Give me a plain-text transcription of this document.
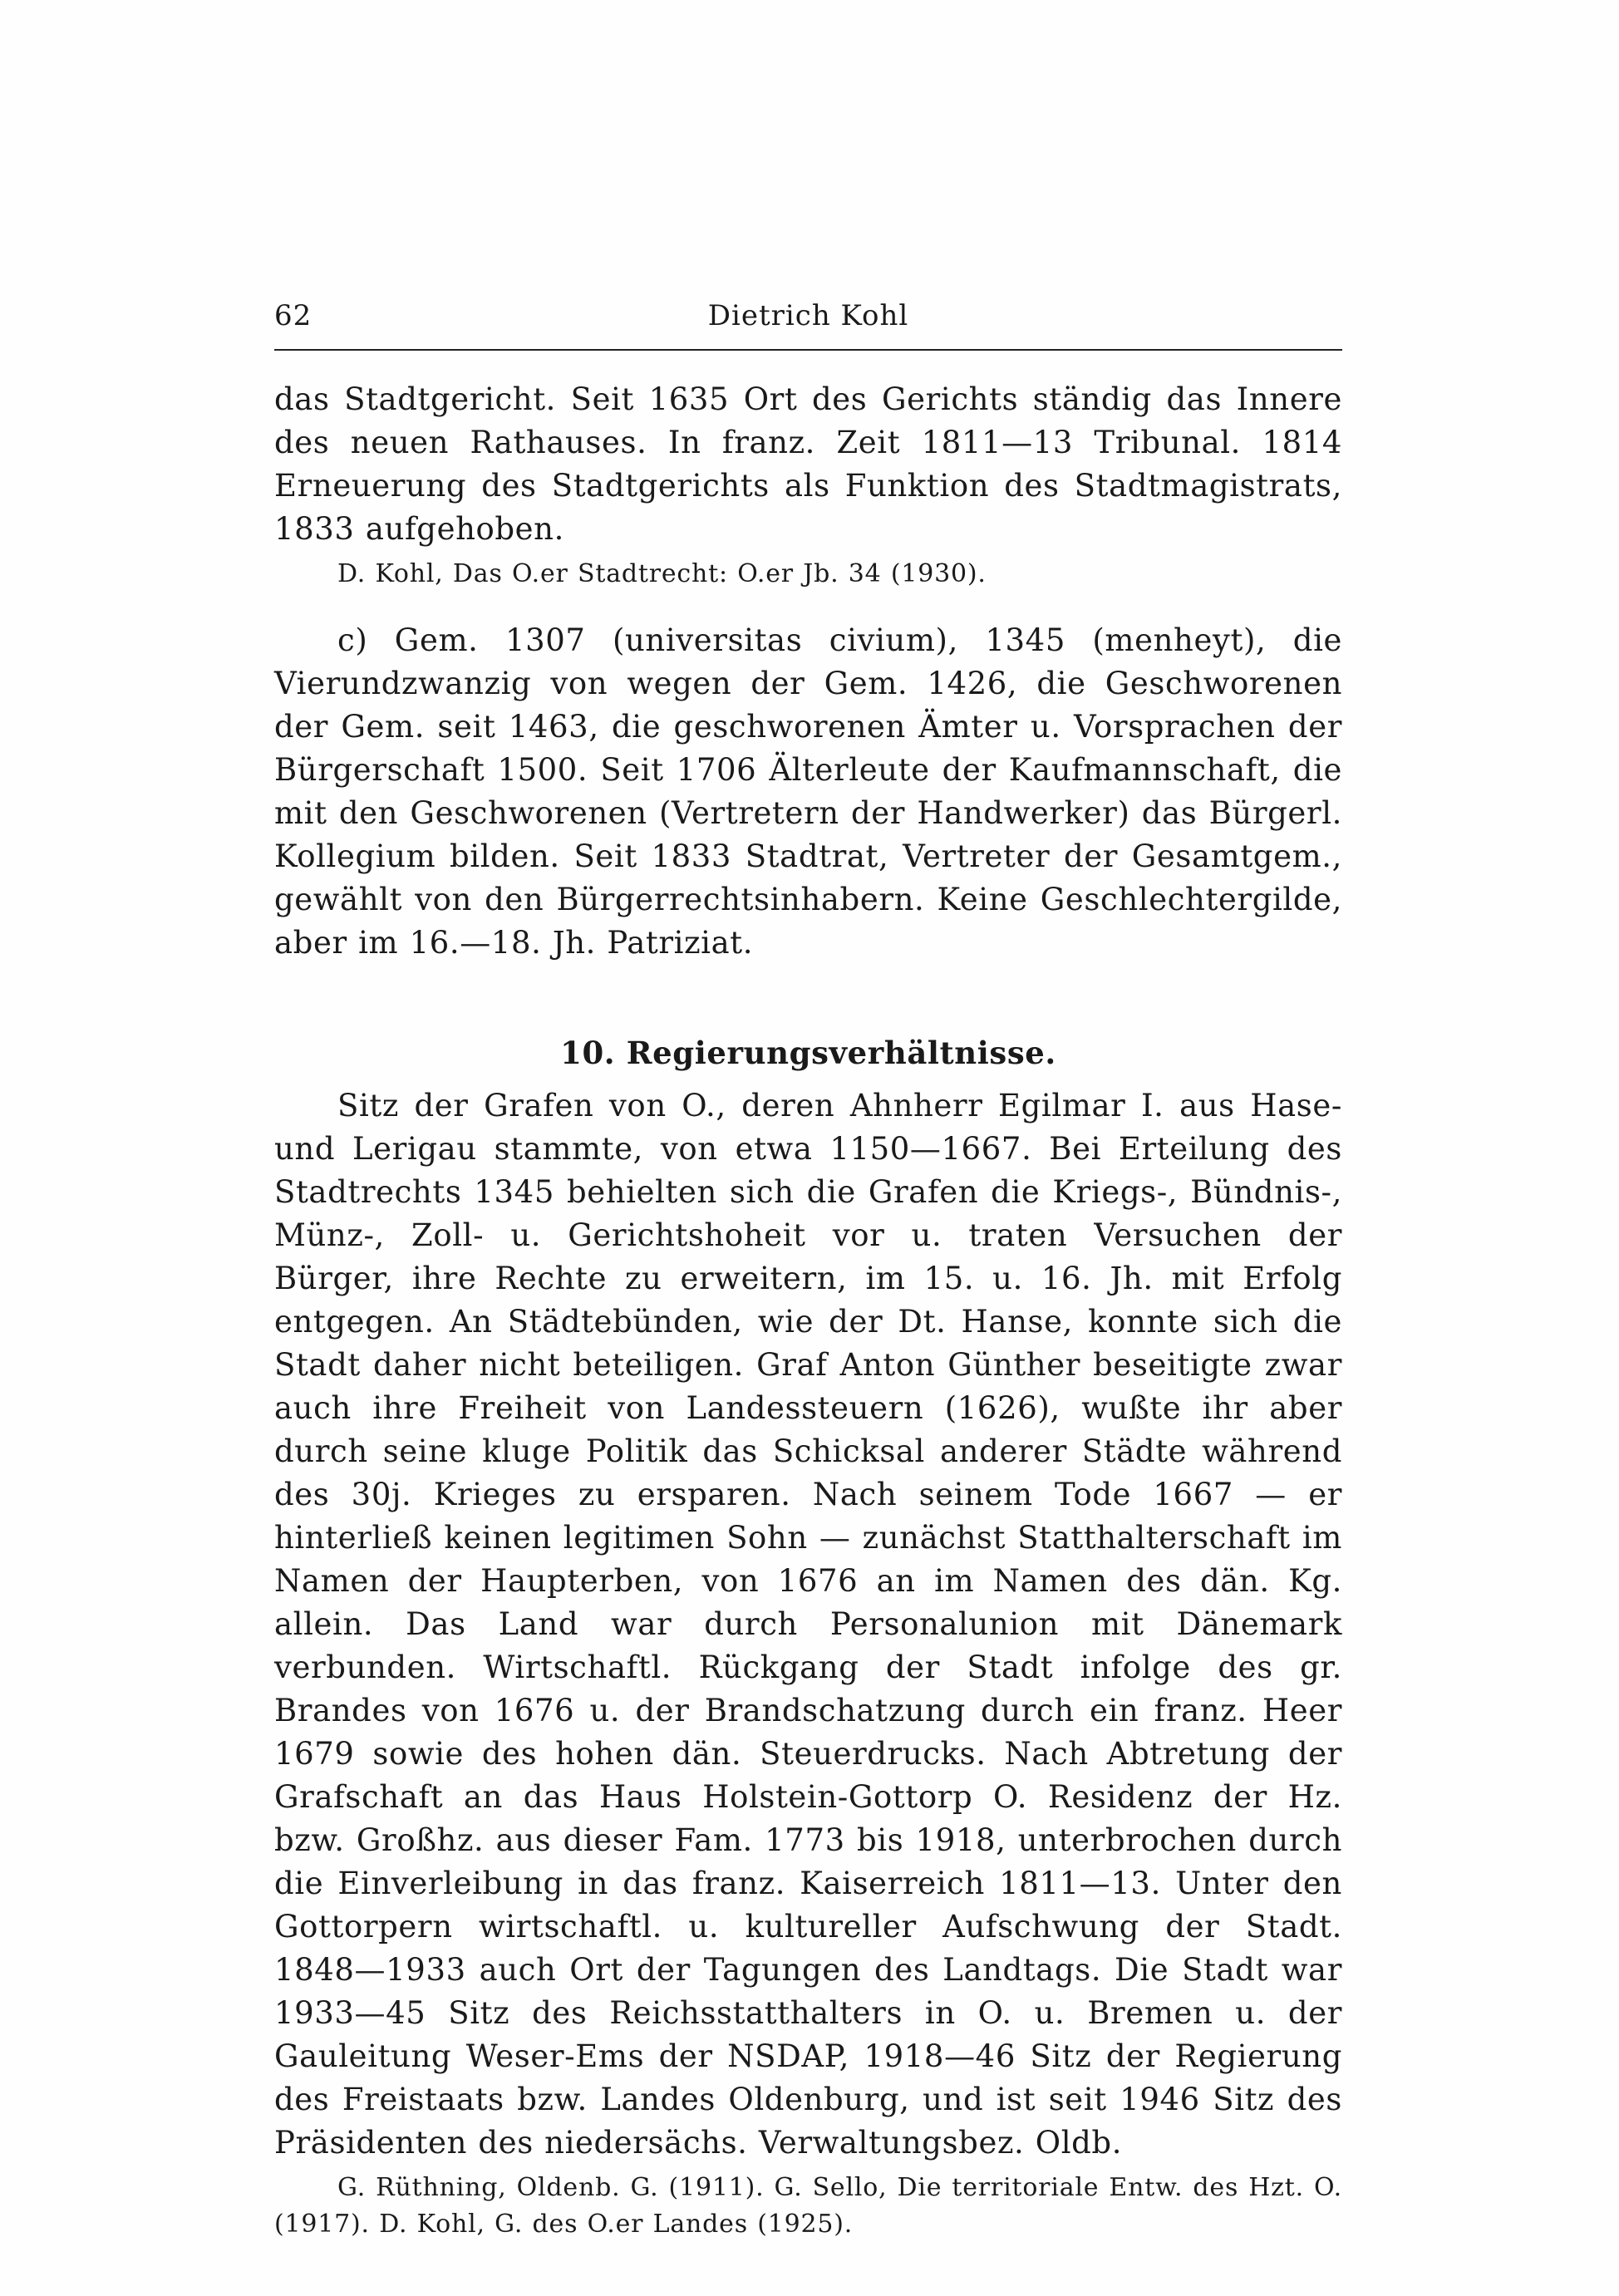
62	Dietrich Kohl

das Stadtgericht. Seit 1635 Ort des Gerichts ständig das Innere des neuen Rathauses. In franz. Zeit 1811—13 Tribunal. 1814 Erneuerung des Stadtgerichts als Funktion des Stadtmagistrats, 1833 aufgehoben.

D. Kohl, Das O.er Stadtrecht: O.er Jb. 34 (1930).

c) Gem. 1307 (universitas civium), 1345 (menheyt), die Vierundzwanzig von wegen der Gem. 1426, die Geschworenen der Gem. seit 1463, die geschworenen Ämter u. Vorsprachen der Bürgerschaft 1500. Seit 1706 Älterleute der Kaufmannschaft, die mit den Geschworenen (Vertretern der Handwerker) das Bürgerl. Kollegium bilden. Seit 1833 Stadtrat, Vertreter der Gesamtgem., gewählt von den Bürgerrechtsinhabern. Keine Geschlechtergilde, aber im 16.—18. Jh. Patriziat.

10. Regierungsverhältnisse.

Sitz der Grafen von O., deren Ahnherr Egilmar I. aus Hase- und Lerigau stammte, von etwa 1150—1667. Bei Erteilung des Stadtrechts 1345 behielten sich die Grafen die Kriegs-, Bündnis-, Münz-, Zoll- u. Gerichtshoheit vor u. traten Versuchen der Bürger, ihre Rechte zu erweitern, im 15. u. 16. Jh. mit Erfolg entgegen. An Städtebünden, wie der Dt. Hanse, konnte sich die Stadt daher nicht beteiligen. Graf Anton Günther beseitigte zwar auch ihre Freiheit von Landessteuern (1626), wußte ihr aber durch seine kluge Politik das Schicksal anderer Städte während des 30j. Krieges zu ersparen. Nach seinem Tode 1667 — er hinterließ keinen legitimen Sohn — zunächst Statthalterschaft im Namen der Haupterben, von 1676 an im Namen des dän. Kg. allein. Das Land war durch Personalunion mit Dänemark verbunden. Wirtschaftl. Rückgang der Stadt infolge des gr. Brandes von 1676 u. der Brandschatzung durch ein franz. Heer 1679 sowie des hohen dän. Steuerdrucks. Nach Abtretung der Grafschaft an das Haus Holstein-Gottorp O. Residenz der Hz. bzw. Großhz. aus dieser Fam. 1773 bis 1918, unterbrochen durch die Einverleibung in das franz. Kaiserreich 1811—13. Unter den Gottorpern wirtschaftl. u. kultureller Aufschwung der Stadt. 1848—1933 auch Ort der Tagungen des Landtags. Die Stadt war 1933—45 Sitz des Reichsstatthalters in O. u. Bremen u. der Gauleitung Weser-Ems der NSDAP, 1918—46 Sitz der Regierung des Freistaats bzw. Landes Oldenburg, und ist seit 1946 Sitz des Präsidenten des niedersächs. Verwaltungsbez. Oldb.

G. Rüthning, Oldenb. G. (1911). G. Sello, Die territoriale Entw. des Hzt. O. (1917). D. Kohl, G. des O.er Landes (1925).
